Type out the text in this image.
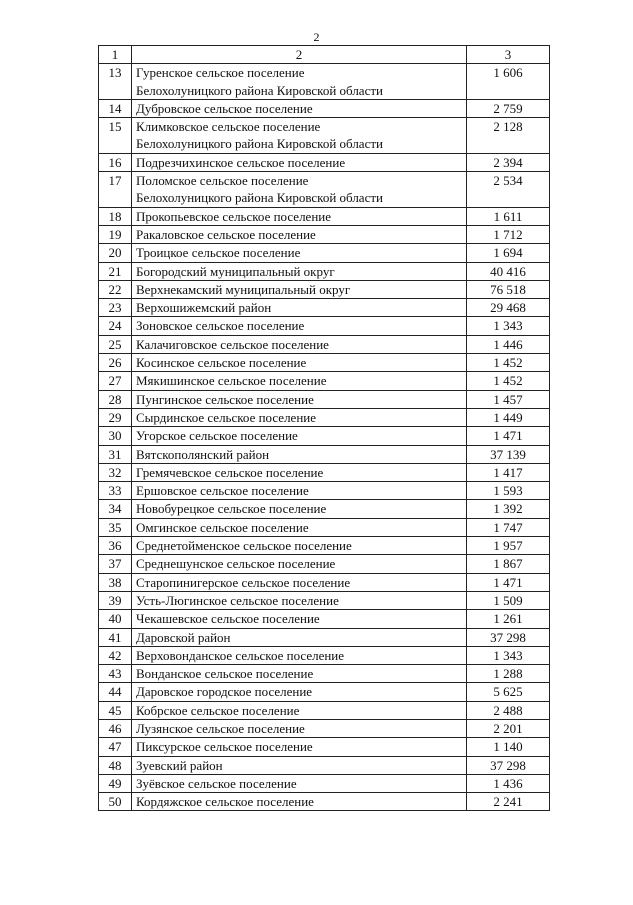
2
1	2	3
13	Гуренское сельское поселение
Белохолуницкого района Кировской области	1 606
14	Дубровское сельское поселение	2 759
15	Климковское сельское поселение
Белохолуницкого района Кировской области	2 128
16	Подрезчихинское сельское поселение	2 394
17	Поломское сельское поселение
Белохолуницкого района Кировской области	2 534
18	Прокопьевское сельское поселение	1 611
19	Ракаловское сельское поселение	1 712
20	Троицкое сельское поселение	1 694
21	Богородский муниципальный округ	40 416
22	Верхнекамский муниципальный округ	76 518
23	Верхошижемский район	29 468
24	Зоновское сельское поселение	1 343
25	Калачиговское сельское поселение	1 446
26	Косинское сельское поселение	1 452
27	Мякишинское сельское поселение	1 452
28	Пунгинское сельское поселение	1 457
29	Сырдинское сельское поселение	1 449
30	Угорское сельское поселение	1 471
31	Вятскополянский район	37 139
32	Гремячевское сельское поселение	1 417
33	Ершовское сельское поселение	1 593
34	Новобурецкое сельское поселение	1 392
35	Омгинское сельское поселение	1 747
36	Среднетойменское сельское поселение	1 957
37	Среднешунское сельское поселение	1 867
38	Старопинигерское сельское поселение	1 471
39	Усть-Люгинское сельское поселение	1 509
40	Чекашевское сельское поселение	1 261
41	Даровской район	37 298
42	Верховонданское сельское поселение	1 343
43	Вонданское сельское поселение	1 288
44	Даровское городское поселение	5 625
45	Кобрское сельское поселение	2 488
46	Лузянское сельское поселение	2 201
47	Пиксурское сельское поселение	1 140
48	Зуевский район	37 298
49	Зуёвское сельское поселение	1 436
50	Кордяжское сельское поселение	2 241
